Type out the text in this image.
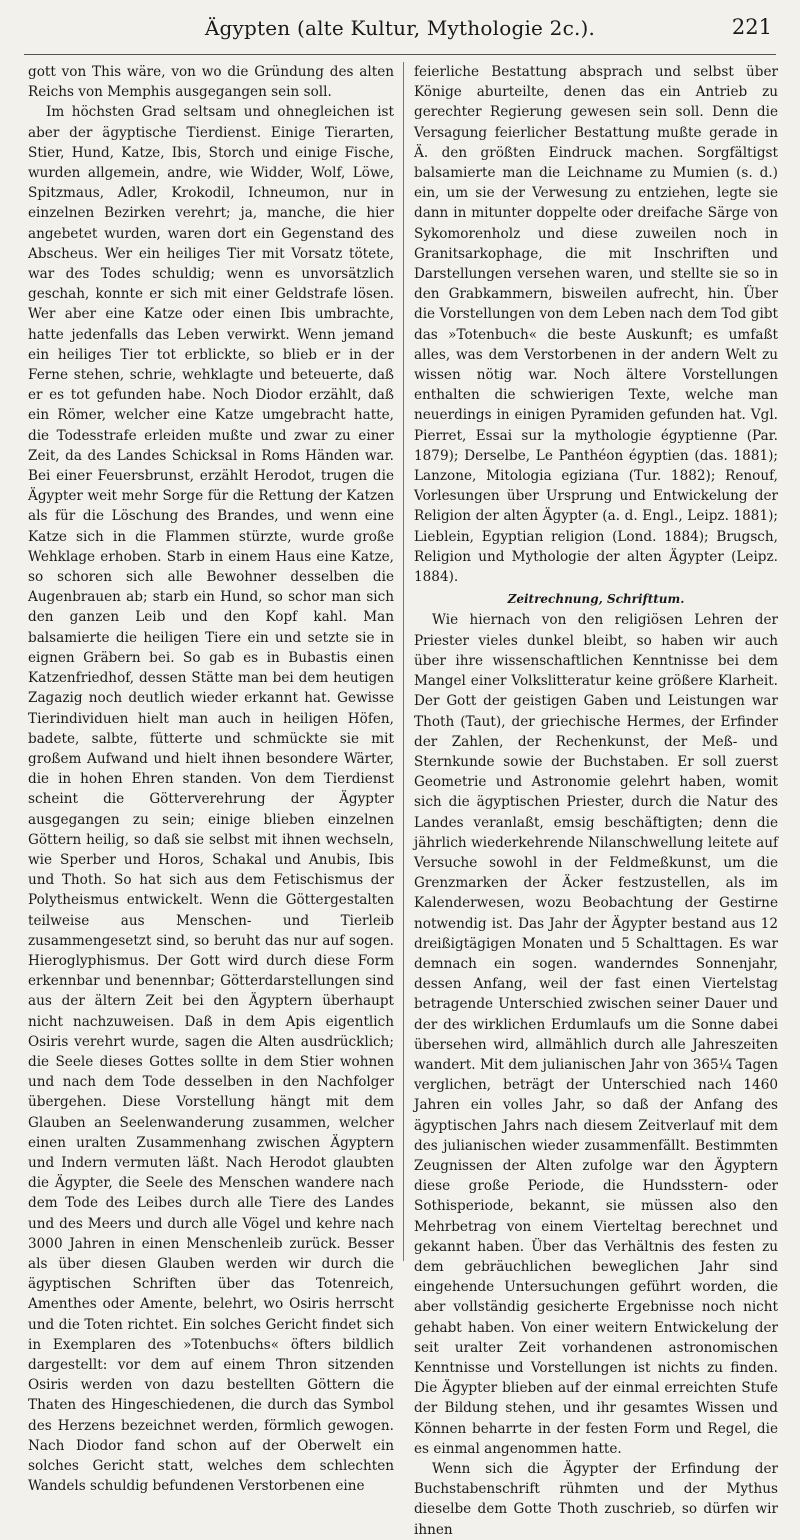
Ägypten (alte Kultur, Mythologie 2c.).	221

gott von This wäre, von wo die Gründung des alten Reichs von Memphis ausgegangen sein soll.

Im höchsten Grad seltsam und ohnegleichen ist aber der ägyptische Tierdienst. Einige Tierarten, Stier, Hund, Katze, Ibis, Storch und einige Fische, wurden allgemein, andre, wie Widder, Wolf, Löwe, Spitzmaus, Adler, Krokodil, Ichneumon, nur in einzelnen Bezirken verehrt; ja, manche, die hier angebetet wurden, waren dort ein Gegenstand des Abscheus. Wer ein heiliges Tier mit Vorsatz tötete, war des Todes schuldig; wenn es unvorsätzlich geschah, konnte er sich mit einer Geldstrafe lösen. Wer aber eine Katze oder einen Ibis umbrachte, hatte jedenfalls das Leben verwirkt. Wenn jemand ein heiliges Tier tot erblickte, so blieb er in der Ferne stehen, schrie, wehklagte und beteuerte, daß er es tot gefunden habe. Noch Diodor erzählt, daß ein Römer, welcher eine Katze umgebracht hatte, die Todesstrafe erleiden mußte und zwar zu einer Zeit, da des Landes Schicksal in Roms Händen war. Bei einer Feuersbrunst, erzählt Herodot, trugen die Ägypter weit mehr Sorge für die Rettung der Katzen als für die Löschung des Brandes, und wenn eine Katze sich in die Flammen stürzte, wurde große Wehklage erhoben. Starb in einem Haus eine Katze, so schoren sich alle Bewohner desselben die Augenbrauen ab; starb ein Hund, so schor man sich den ganzen Leib und den Kopf kahl. Man balsamierte die heiligen Tiere ein und setzte sie in eignen Gräbern bei. So gab es in Bubastis einen Katzenfriedhof, dessen Stätte man bei dem heutigen Zagazig noch deutlich wieder erkannt hat. Gewisse Tierindividuen hielt man auch in heiligen Höfen, badete, salbte, fütterte und schmückte sie mit großem Aufwand und hielt ihnen besondere Wärter, die in hohen Ehren standen. Von dem Tierdienst scheint die Götterverehrung der Ägypter ausgegangen zu sein; einige blieben einzelnen Göttern heilig, so daß sie selbst mit ihnen wechseln, wie Sperber und Horos, Schakal und Anubis, Ibis und Thoth. So hat sich aus dem Fetischismus der Polytheismus entwickelt. Wenn die Göttergestalten teilweise aus Menschen- und Tierleib zusammengesetzt sind, so beruht das nur auf sogen. Hieroglyphismus. Der Gott wird durch diese Form erkennbar und benennbar; Götterdarstellungen sind aus der ältern Zeit bei den Ägyptern überhaupt nicht nachzuweisen. Daß in dem Apis eigentlich Osiris verehrt wurde, sagen die Alten ausdrücklich; die Seele dieses Gottes sollte in dem Stier wohnen und nach dem Tode desselben in den Nachfolger übergehen. Diese Vorstellung hängt mit dem Glauben an Seelenwanderung zusammen, welcher einen uralten Zusammenhang zwischen Ägyptern und Indern vermuten läßt. Nach Herodot glaubten die Ägypter, die Seele des Menschen wandere nach dem Tode des Leibes durch alle Tiere des Landes und des Meers und durch alle Vögel und kehre nach 3000 Jahren in einen Menschenleib zurück. Besser als über diesen Glauben werden wir durch die ägyptischen Schriften über das Totenreich, Amenthes oder Amente, belehrt, wo Osiris herrscht und die Toten richtet. Ein solches Gericht findet sich in Exemplaren des »Totenbuchs« öfters bildlich dargestellt: vor dem auf einem Thron sitzenden Osiris werden von dazu bestellten Göttern die Thaten des Hingeschiedenen, die durch das Symbol des Herzens bezeichnet werden, förmlich gewogen. Nach Diodor fand schon auf der Oberwelt ein solches Gericht statt, welches dem schlechten Wandels schuldig befundenen Verstorbenen eine

feierliche Bestattung absprach und selbst über Könige aburteilte, denen das ein Antrieb zu gerechter Regierung gewesen sein soll. Denn die Versagung feierlicher Bestattung mußte gerade in Ä. den größten Eindruck machen. Sorgfältigst balsamierte man die Leichname zu Mumien (s. d.) ein, um sie der Verwesung zu entziehen, legte sie dann in mitunter doppelte oder dreifache Särge von Sykomorenholz und diese zuweilen noch in Granitsarkophage, die mit Inschriften und Darstellungen versehen waren, und stellte sie so in den Grabkammern, bisweilen aufrecht, hin. Über die Vorstellungen von dem Leben nach dem Tod gibt das »Totenbuch« die beste Auskunft; es umfaßt alles, was dem Verstorbenen in der andern Welt zu wissen nötig war. Noch ältere Vorstellungen enthalten die schwierigen Texte, welche man neuerdings in einigen Pyramiden gefunden hat. Vgl. Pierret, Essai sur la mythologie égyptienne (Par. 1879); Derselbe, Le Panthéon égyptien (das. 1881); Lanzone, Mitologia egiziana (Tur. 1882); Renouf, Vorlesungen über Ursprung und Entwickelung der Religion der alten Ägypter (a. d. Engl., Leipz. 1881); Lieblein, Egyptian religion (Lond. 1884); Brugsch, Religion und Mythologie der alten Ägypter (Leipz. 1884).

Zeitrechnung, Schrifttum.

Wie hiernach von den religiösen Lehren der Priester vieles dunkel bleibt, so haben wir auch über ihre wissenschaftlichen Kenntnisse bei dem Mangel einer Volkslitteratur keine größere Klarheit. Der Gott der geistigen Gaben und Leistungen war Thoth (Taut), der griechische Hermes, der Erfinder der Zahlen, der Rechenkunst, der Meß- und Sternkunde sowie der Buchstaben. Er soll zuerst Geometrie und Astronomie gelehrt haben, womit sich die ägyptischen Priester, durch die Natur des Landes veranlaßt, emsig beschäftigten; denn die jährlich wiederkehrende Nilanschwellung leitete auf Versuche sowohl in der Feldmeßkunst, um die Grenzmarken der Äcker festzustellen, als im Kalenderwesen, wozu Beobachtung der Gestirne notwendig ist. Das Jahr der Ägypter bestand aus 12 dreißigtägigen Monaten und 5 Schalttagen. Es war demnach ein sogen. wanderndes Sonnenjahr, dessen Anfang, weil der fast einen Viertelstag betragende Unterschied zwischen seiner Dauer und der des wirklichen Erdumlaufs um die Sonne dabei übersehen wird, allmählich durch alle Jahreszeiten wandert. Mit dem julianischen Jahr von 365¼ Tagen verglichen, beträgt der Unterschied nach 1460 Jahren ein volles Jahr, so daß der Anfang des ägyptischen Jahrs nach diesem Zeitverlauf mit dem des julianischen wieder zusammenfällt. Bestimmten Zeugnissen der Alten zufolge war den Ägyptern diese große Periode, die Hundsstern- oder Sothisperiode, bekannt, sie müssen also den Mehrbetrag von einem Vierteltag berechnet und gekannt haben. Über das Verhältnis des festen zu dem gebräuchlichen beweglichen Jahr sind eingehende Untersuchungen geführt worden, die aber vollständig gesicherte Ergebnisse noch nicht gehabt haben. Von einer weitern Entwickelung der seit uralter Zeit vorhandenen astronomischen Kenntnisse und Vorstellungen ist nichts zu finden. Die Ägypter blieben auf der einmal erreichten Stufe der Bildung stehen, und ihr gesamtes Wissen und Können beharrte in der festen Form und Regel, die es einmal angenommen hatte.

Wenn sich die Ägypter der Erfindung der Buchstabenschrift rühmten und der Mythus dieselbe dem Gotte Thoth zuschrieb, so dürfen wir ihnen
